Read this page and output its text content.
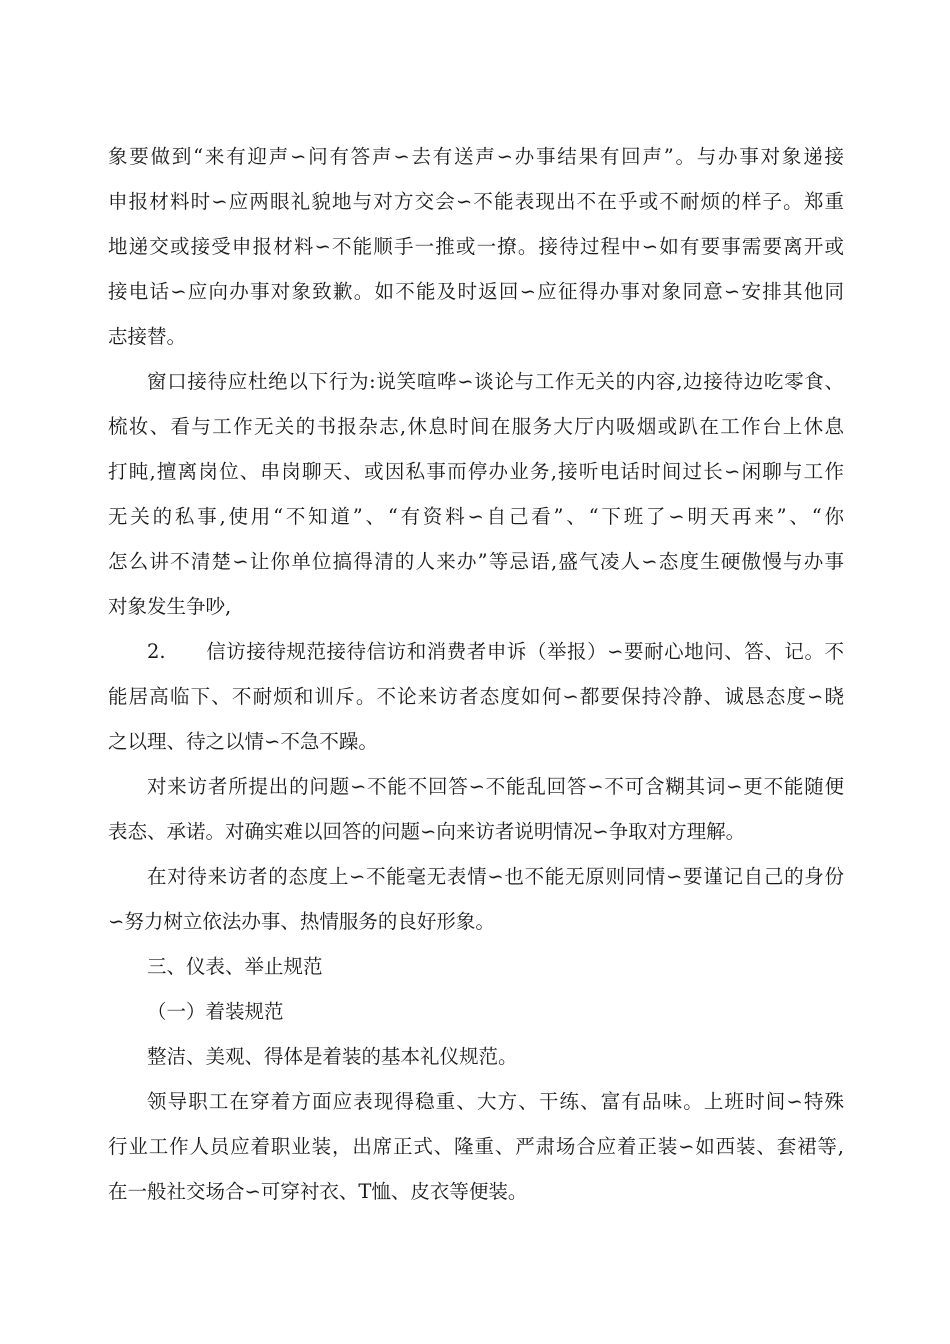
象要做到“来有迎声∽问有答声∽去有送声∽办事结果有回声”。与办事对象递接
申报材料时∽应两眼礼貌地与对方交会∽不能表现出不在乎或不耐烦的样子。郑重
地递交或接受申报材料∽不能顺手一推或一撩。接待过程中∽如有要事需要离开或
接电话∽应向办事对象致歉。如不能及时返回∽应征得办事对象同意∽安排其他同
志接替。
窗口接待应杜绝以下行为:说笑喧哗∽谈论与工作无关的内容,边接待边吃零食、
梳妆、看与工作无关的书报杂志,休息时间在服务大厅内吸烟或趴在工作台上休息
打盹,擅离岗位、串岗聊天、或因私事而停办业务,接听电话时间过长∽闲聊与工作
无关的私事,使用“不知道”、“有资料∽自己看”、“下班了∽明天再来”、“你
怎么讲不清楚∽让你单位搞得清的人来办”等忌语,盛气凌人∽态度生硬傲慢与办事
对象发生争吵,
2.　　信访接待规范接待信访和消费者申诉（举报）∽要耐心地问、答、记。不
能居高临下、不耐烦和训斥。不论来访者态度如何∽都要保持冷静、诚恳态度∽晓
之以理、待之以情∽不急不躁。
对来访者所提出的问题∽不能不回答∽不能乱回答∽不可含糊其词∽更不能随便
表态、承诺。对确实难以回答的问题∽向来访者说明情况∽争取对方理解。
在对待来访者的态度上∽不能毫无表情∽也不能无原则同情∽要谨记自己的身份
∽努力树立依法办事、热情服务的良好形象。
三、仪表、举止规范
（一）着装规范
整洁、美观、得体是着装的基本礼仪规范。
领导职工在穿着方面应表现得稳重、大方、干练、富有品味。上班时间∽特殊
行业工作人员应着职业装，出席正式、隆重、严肃场合应着正装∽如西装、套裙等,
在一般社交场合∽可穿衬衣、T恤、皮衣等便装。
